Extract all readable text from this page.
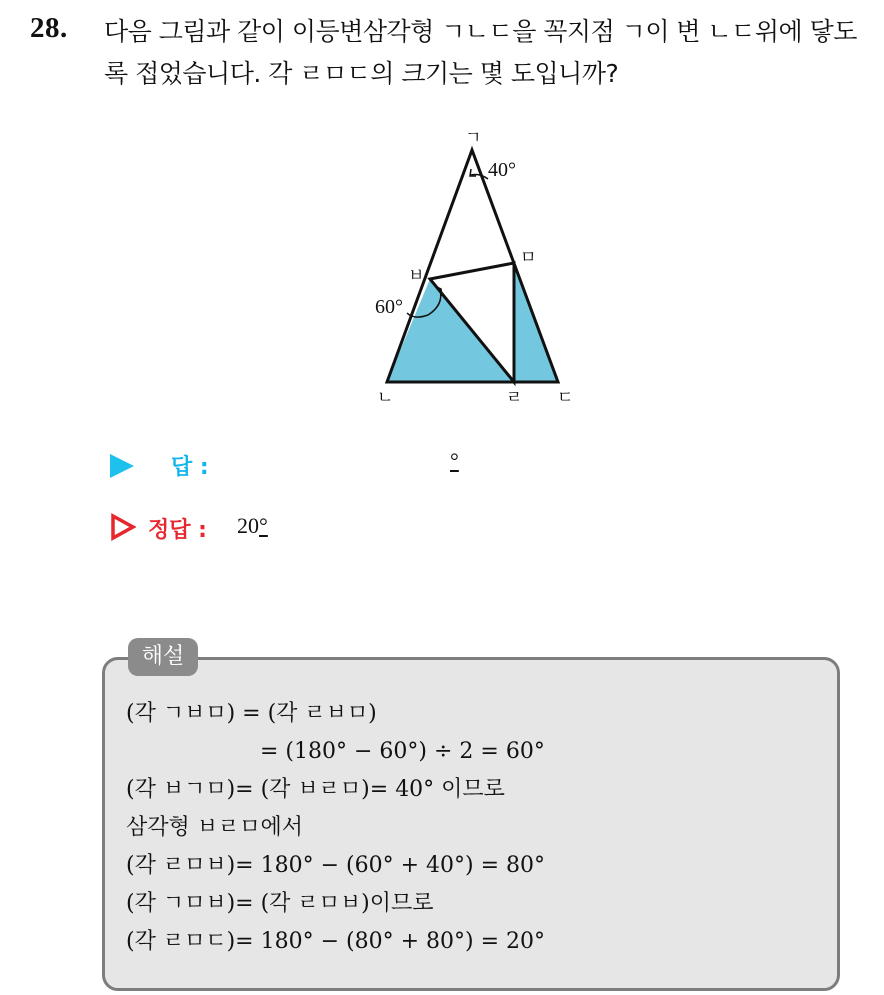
28. 다음 그림과 같이 이등변삼각형 ㄱㄴㄷ을 꼭지점 ㄱ이 변 ㄴㄷ위에 닿도록 접었습니다. 각 ㄹㅁㄷ의 크기는 몇 도입니까?
ㄱ
ㄴ	ㄷ
ㄹ
ㅁ
ㅂ
40°
60°
답 :	°
정답 : 20°
해설
(각 ㄱㅂㅁ) = (각 ㄹㅂㅁ)
= (180° − 60°) ÷ 2 = 60°
(각 ㅂㄱㅁ)= (각 ㅂㄹㅁ)= 40° 이므로
삼각형 ㅂㄹㅁ에서
(각 ㄹㅁㅂ)= 180° − (60° + 40°) = 80°
(각 ㄱㅁㅂ)= (각 ㄹㅁㅂ)이므로
(각 ㄹㅁㄷ)= 180° − (80° + 80°) = 20°
